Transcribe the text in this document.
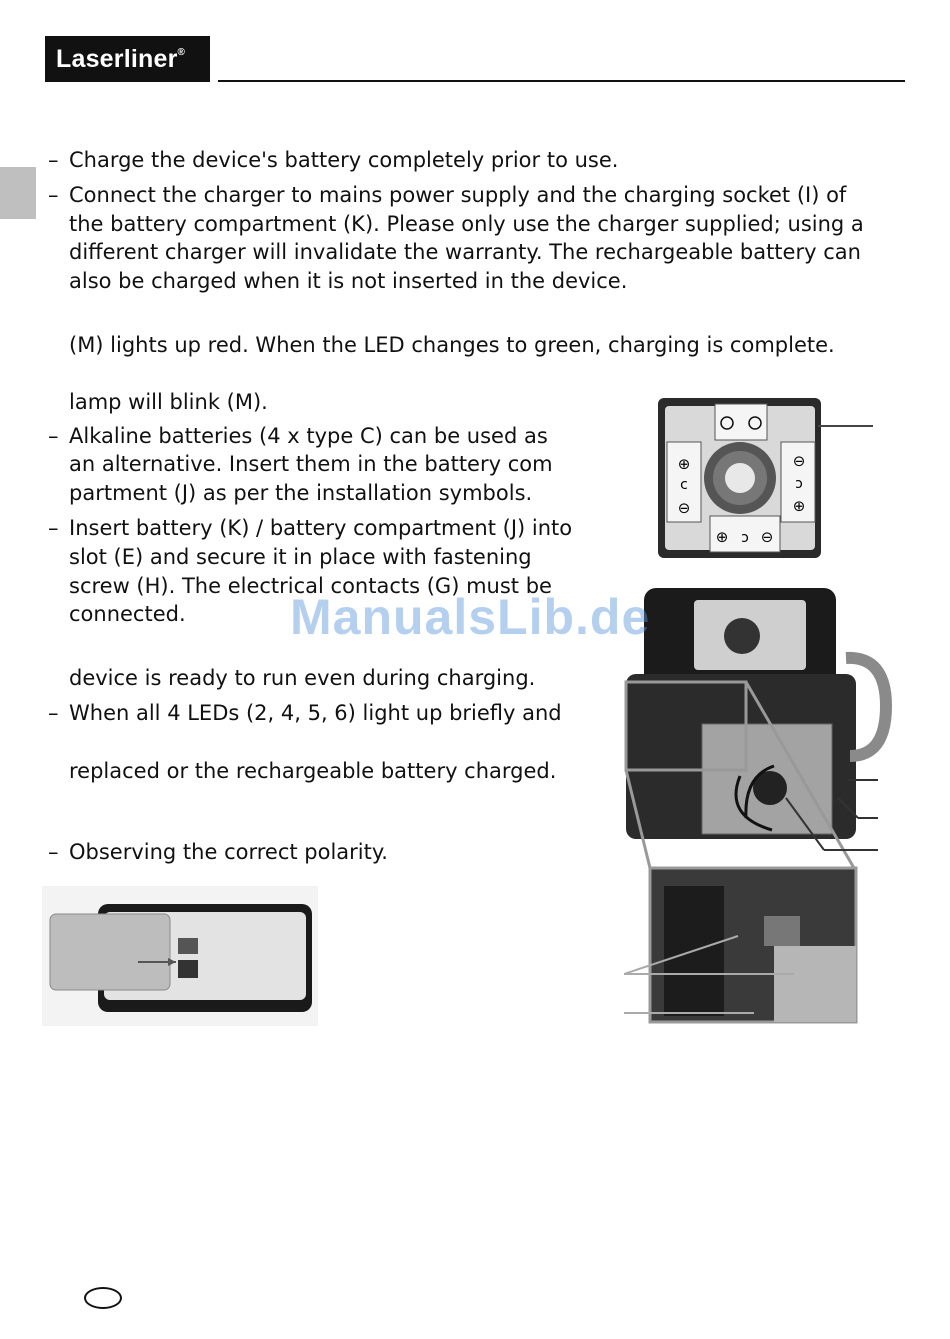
Laserliner®
– Charge the device's battery completely prior to use.
– Connect the charger to mains power supply and the charging socket (I) of
the battery compartment (K). Please only use the charger supplied; using a
different charger will invalidate the warranty. The rechargeable battery can
also be charged when it is not inserted in the device.
(M) lights up red. When the LED changes to green, charging is complete.
lamp will blink (M).
– Alkaline batteries (4 x type C) can be used as
an alternative. Insert them in the battery com
partment (J) as per the installation symbols.
– Insert battery (K) / battery compartment (J) into
slot (E) and secure it in place with fastening
screw (H). The electrical contacts (G) must be
connected.
device is ready to run even during charging.
– When all 4 LEDs (2, 4, 5, 6) light up briefly and
replaced or the rechargeable battery charged.
– Observing the correct polarity.
⊕
c
⊖
⊖
ɔ
⊕
⊕ ɔ ⊖
ManualsLib.de
